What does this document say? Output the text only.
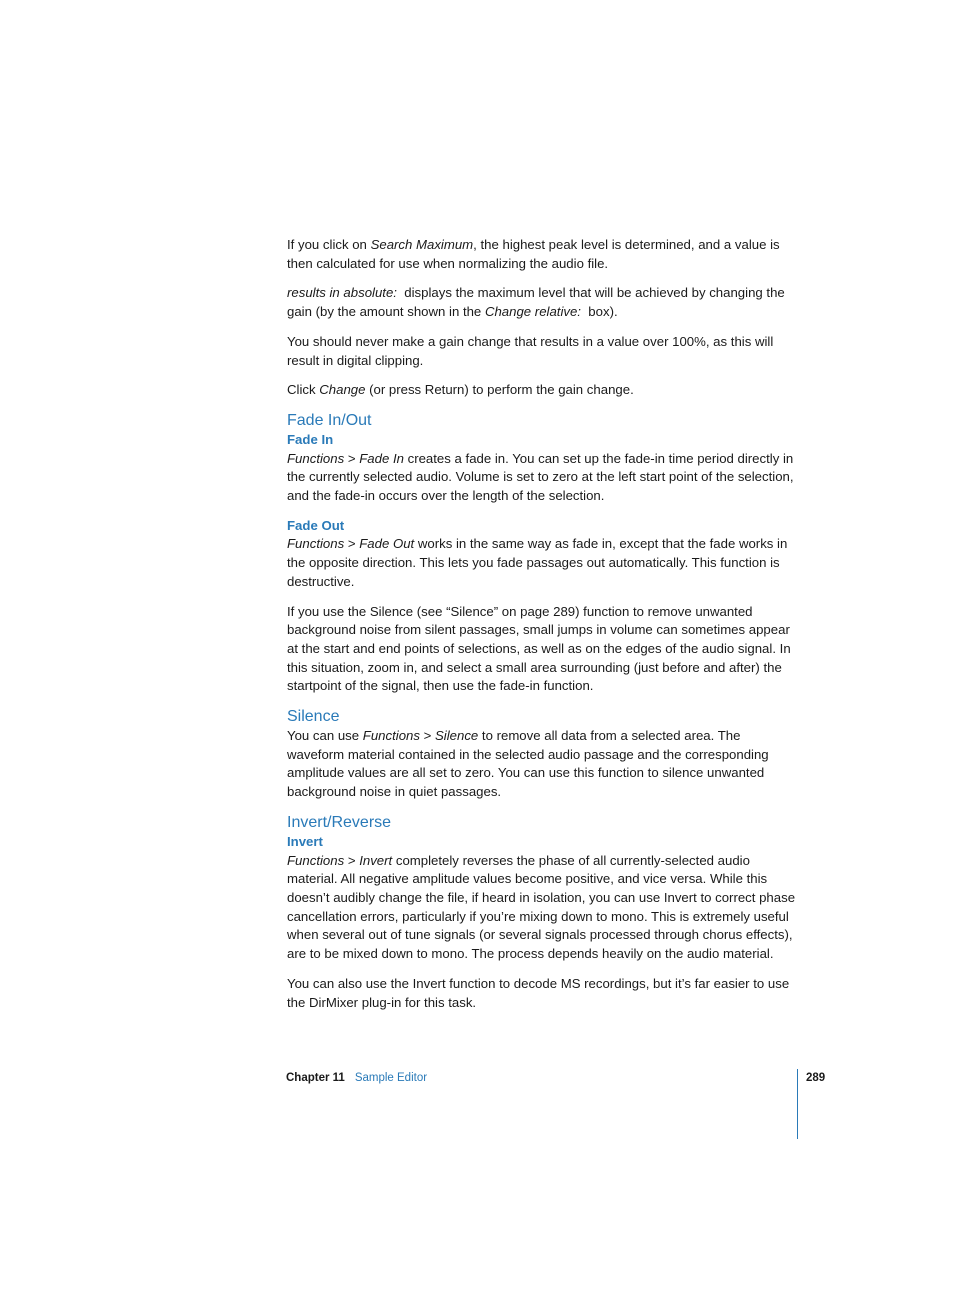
If you click on Search Maximum, the highest peak level is determined, and a value is then calculated for use when normalizing the audio file.

results in absolute:  displays the maximum level that will be achieved by changing the gain (by the amount shown in the Change relative:  box).

You should never make a gain change that results in a value over 100%, as this will result in digital clipping.

Click Change (or press Return) to perform the gain change.

Fade In/Out
Fade In

Functions > Fade In creates a fade in. You can set up the fade-in time period directly in the currently selected audio. Volume is set to zero at the left start point of the selection, and the fade-in occurs over the length of the selection.

Fade Out

Functions > Fade Out works in the same way as fade in, except that the fade works in the opposite direction. This lets you fade passages out automatically. This function is destructive.

If you use the Silence (see “Silence” on page 289) function to remove unwanted background noise from silent passages, small jumps in volume can sometimes appear at the start and end points of selections, as well as on the edges of the audio signal. In this situation, zoom in, and select a small area surrounding (just before and after) the startpoint of the signal, then use the fade-in function.

Silence

You can use Functions > Silence to remove all data from a selected area. The waveform material contained in the selected audio passage and the corresponding amplitude values are all set to zero. You can use this function to silence unwanted background noise in quiet passages.

Invert/Reverse
Invert

Functions > Invert completely reverses the phase of all currently-selected audio material. All negative amplitude values become positive, and vice versa. While this doesn’t audibly change the file, if heard in isolation, you can use Invert to correct phase cancellation errors, particularly if you’re mixing down to mono. This is extremely useful when several out of tune signals (or several signals processed through chorus effects), are to be mixed down to mono. The process depends heavily on the audio material.

You can also use the Invert function to decode MS recordings, but it’s far easier to use the DirMixer plug-in for this task.

Chapter 11 Sample Editor	289
